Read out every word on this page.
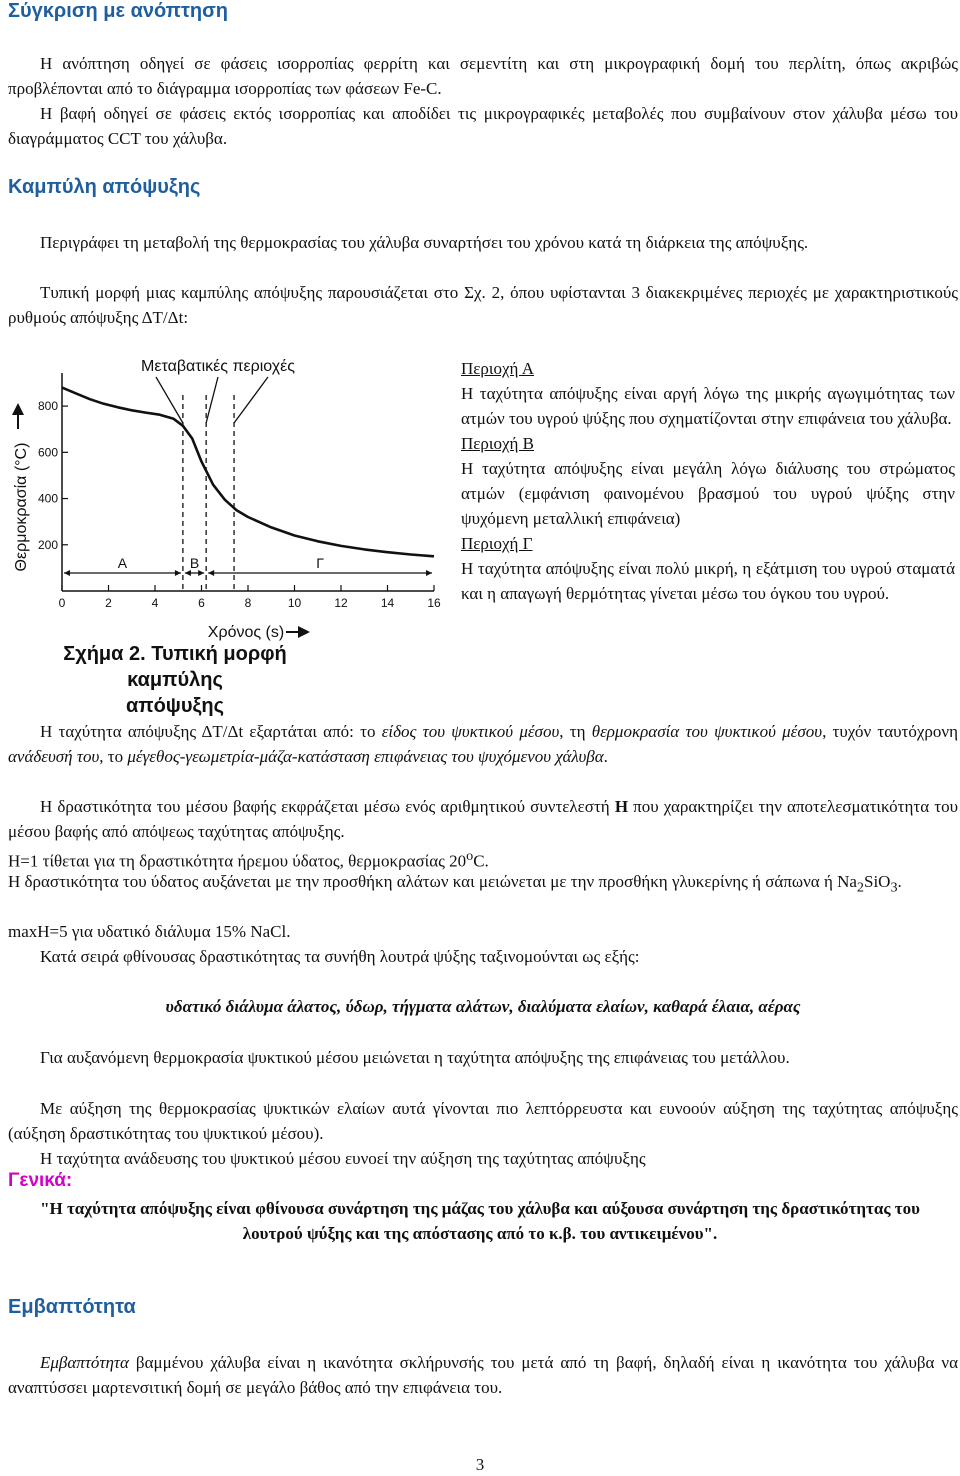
Σύγκριση με ανόπτηση

Η ανόπτηση οδηγεί σε φάσεις ισορροπίας φερρίτη και σεμεντίτη και στη μικρογραφική δομή του περλίτη, όπως ακριβώς προβλέπονται από το διάγραμμα ισορροπίας των φάσεων Fe-C.

Η βαφή οδηγεί σε φάσεις εκτός ισορροπίας και αποδίδει τις μικρογραφικές μεταβολές που συμβαίνουν στον χάλυβα μέσω του διαγράμματος CCT του χάλυβα.

Καμπύλη απόψυξης

Περιγράφει τη μεταβολή της θερμοκρασίας του χάλυβα συναρτήσει του χρόνου κατά τη διάρκεια της απόψυξης.

Τυπική μορφή μιας καμπύλης απόψυξης παρουσιάζεται στο Σχ. 2, όπου υφίστανται 3 διακεκριμένες περιοχές με χαρακτηριστικούς ρυθμούς απόψυξης ΔT/Δt:

Μεταβατικές περιοχές
0	2	4	6	8	10	12	14	16
800
600
400
200
A	B	Γ
Θερμοκρασία (°C)
Χρόνος (s)
Σχήμα 2. Τυπική μορφή καμπύλης
απόψυξης
Περιοχή Α
Η ταχύτητα απόψυξης είναι αργή λόγω της μικρής αγωγιμότητας των ατμών του υγρού ψύξης που σχηματίζονται στην επιφάνεια του χάλυβα.
Περιοχή Β
Η ταχύτητα απόψυξης είναι μεγάλη λόγω διάλυσης του στρώματος ατμών (εμφάνιση φαινομένου βρασμού του υγρού ψύξης στην ψυχόμενη μεταλλική επιφάνεια)
Περιοχή Γ
Η ταχύτητα απόψυξης είναι πολύ μικρή, η εξάτμιση του υγρού σταματά και η απαγωγή θερμότητας γίνεται μέσω του όγκου του υγρού.

Η ταχύτητα απόψυξης ΔT/Δt εξαρτάται από: το είδος του ψυκτικού μέσου, τη θερμοκρασία του ψυκτικού μέσου, τυχόν ταυτόχρονη ανάδευσή του, το μέγεθος-γεωμετρία-μάζα-κατάσταση επιφάνειας του ψυχόμενου χάλυβα.

Η δραστικότητα του μέσου βαφής εκφράζεται μέσω ενός αριθμητικού συντελεστή H που χαρακτηρίζει την αποτελεσματικότητα του μέσου βαφής από απόψεως ταχύτητας απόψυξης.

H=1 τίθεται για τη δραστικότητα ήρεμου ύδατος, θερμοκρασίας 20$^o$C.

Η δραστικότητα του ύδατος αυξάνεται με την προσθήκη αλάτων και μειώνεται με την προσθήκη γλυκερίνης ή σάπωνα ή $Na_2SiO_3$.

maxH=5 για υδατικό διάλυμα 15% NaCl.

Κατά σειρά φθίνουσας δραστικότητας τα συνήθη λουτρά ψύξης ταξινομούνται ως εξής:

υδατικό διάλυμα άλατος, ύδωρ, τήγματα αλάτων, διαλύματα ελαίων, καθαρά έλαια, αέρας

Για αυξανόμενη θερμοκρασία ψυκτικού μέσου μειώνεται η ταχύτητα απόψυξης της επιφάνειας του μετάλλου.

Με αύξηση της θερμοκρασίας ψυκτικών ελαίων αυτά γίνονται πιο λεπτόρρευστα και ευνοούν αύξηση της ταχύτητας απόψυξης (αύξηση δραστικότητας του ψυκτικού μέσου).

Η ταχύτητα ανάδευσης του ψυκτικού μέσου ευνοεί την αύξηση της ταχύτητας απόψυξης

Γενικά:

"Η ταχύτητα απόψυξης είναι φθίνουσα συνάρτηση της μάζας του χάλυβα και αύξουσα συνάρτηση της δραστικότητας του λουτρού ψύξης και της απόστασης από το κ.β. του αντικειμένου".

Εμβαπτότητα

Εμβαπτότητα βαμμένου χάλυβα είναι η ικανότητα σκλήρυνσής του μετά από τη βαφή, δηλαδή είναι η ικανότητα του χάλυβα να αναπτύσσει μαρτενσιτική δομή σε μεγάλο βάθος από την επιφάνεια του.

3
